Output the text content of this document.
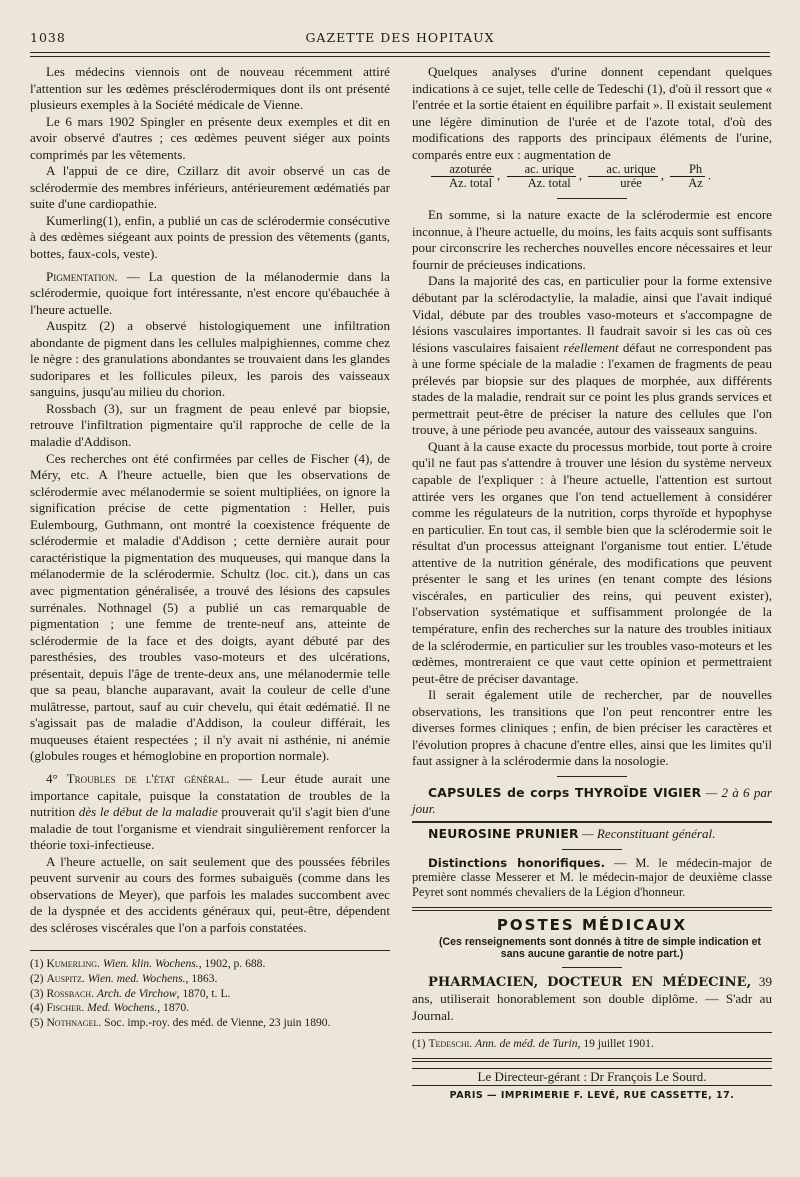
1038	GAZETTE DES HOPITAUX

Les médecins viennois ont de nouveau récemment attiré l'attention sur les œdèmes présclérodermiques dont ils ont présenté plusieurs exemples à la Société médicale de Vienne.

Le 6 mars 1902 Spingler en présente deux exemples et dit en avoir observé d'autres ; ces œdèmes peuvent siéger aux points comprimés par les vêtements.

A l'appui de ce dire, Czillarz dit avoir observé un cas de sclérodermie des membres inférieurs, antérieurement œdématiés par suite d'une cardiopathie.

Kumerling(1), enfin, a publié un cas de sclérodermie consécutive à des œdèmes siégeant aux points de pression des vêtements (gants, bottes, faux-cols, veste).

Pigmentation. — La question de la mélanodermie dans la sclérodermie, quoique fort intéressante, n'est encore qu'ébauchée à l'heure actuelle.

Auspitz (2) a observé histologiquement une infiltration abondante de pigment dans les cellules malpighiennes, comme chez le nègre : des granulations abondantes se trouvaient dans les glandes sudoripares et les follicules pileux, les parois des vaisseaux sanguins, jusqu'au milieu du chorion.

Rossbach (3), sur un fragment de peau enlevé par biopsie, retrouve l'infiltration pigmentaire qu'il rapproche de celle de la maladie d'Addison.

Ces recherches ont été confirmées par celles de Fischer (4), de Méry, etc. A l'heure actuelle, bien que les observations de sclérodermie avec mélanodermie se soient multipliées, on ignore la signification précise de cette pigmentation : Heller, puis Eulembourg, Guthmann, ont montré la coexistence fréquente de sclérodermie et maladie d'Addison ; cette dernière aurait pour caractéristique la pigmentation des muqueuses, qui manque dans la mélanodermie de la sclérodermie. Schultz (loc. cit.), dans un cas avec pigmentation généralisée, a trouvé des lésions des capsules surrénales. Nothnagel (5) a publié un cas remarquable de pigmentation ; une femme de trente-neuf ans, atteinte de sclérodermie de la face et des doigts, ayant débuté par des paresthésies, des troubles vaso-moteurs et des ulcérations, présentait, depuis l'âge de trente-deux ans, une mélanodermie telle que sa peau, blanche auparavant, avait la couleur de celle d'une mulâtresse, partout, sauf au cuir chevelu, qui était œdématié. Il ne s'agissait pas de maladie d'Addison, la couleur différait, les muqueuses étaient respectées ; il n'y avait ni asthénie, ni anémie (globules rouges et hémoglobine en proportion normale).

4° Troubles de l'état général. — Leur étude aurait une importance capitale, puisque la constatation de troubles de la nutrition dès le début de la maladie prouverait qu'il s'agit bien d'une maladie de tout l'organisme et viendrait singulièrement renforcer la théorie toxi-infectieuse.

A l'heure actuelle, on sait seulement que des poussées fébriles peuvent survenir au cours des formes subaiguës (comme dans les observations de Meyer), que parfois les malades succombent avec de la dyspnée et des accidents généraux qui, peut-être, dépendent des scléroses viscérales que l'on a parfois constatées.

(1) Kumerling. Wien. klin. Wochens., 1902, p. 688.

(2) Auspitz. Wien. med. Wochens., 1863.

(3) Rossbach. Arch. de Virchow, 1870, t. L.

(4) Fischer. Med. Wochens., 1870.

(5) Nothnagel. Soc. imp.-roy. des méd. de Vienne, 23 juin 1890.

Quelques analyses d'urine donnent cependant quelques indications à ce sujet, telle celle de Tedeschi (1), d'où il ressort que « l'entrée et la sortie étaient en équilibre parfait ». Il existait seulement une légère diminution de l'urée et de l'azote total, d'où des modifications des rapports des principaux éléments de l'urine, comparés entre eux : augmentation de

$\frac{\text{azoturée}}{\text{Az. total}}$ , $\frac{\text{ac. urique}}{\text{Az. total}}$ , $\frac{\text{ac. urique}}{\text{urée}}$ , $\frac{Ph}{Az}$ .

En somme, si la nature exacte de la sclérodermie est encore inconnue, à l'heure actuelle, du moins, les faits acquis sont suffisants pour circonscrire les recherches nouvelles encore nécessaires et leur fournir de précieuses indications.

Dans la majorité des cas, en particulier pour la forme extensive débutant par la sclérodactylie, la maladie, ainsi que l'avait indiqué Vidal, débute par des troubles vaso-moteurs et s'accompagne de lésions vasculaires importantes. Il faudrait savoir si les cas où ces lésions vasculaires faisaient réellement défaut ne correspondent pas à une forme spéciale de la maladie : l'examen de fragments de peau prélevés par biopsie sur des plaques de morphée, aux différents stades de la maladie, rendrait sur ce point les plus grands services et permettrait peut-être de préciser la nature des cellules que l'on trouve, à une période peu avancée, autour des vaisseaux sanguins.

Quant à la cause exacte du processus morbide, tout porte à croire qu'il ne faut pas s'attendre à trouver une lésion du système nerveux capable de l'expliquer : à l'heure actuelle, l'attention est surtout attirée vers les organes que l'on tend actuellement à considérer comme les régulateurs de la nutrition, corps thyroïde et hypophyse en particulier. En tout cas, il semble bien que la sclérodermie soit le résultat d'un processus atteignant l'organisme tout entier. L'étude attentive de la nutrition générale, des modifications que peuvent présenter le sang et les urines (en tenant compte des lésions viscérales, en particulier des reins, qui peuvent exister), l'observation systématique et suffisamment prolongée de la température, enfin des recherches sur la nature des troubles initiaux de la sclérodermie, en particulier sur les troubles vaso-moteurs et les œdèmes, montreraient ce que vaut cette opinion et permettraient peut-être de préciser davantage.

Il serait également utile de rechercher, par de nouvelles observations, les transitions que l'on peut rencontrer entre les diverses formes cliniques ; enfin, de bien préciser les caractères et l'évolution propres à chacune d'entre elles, ainsi que les limites qu'il faut assigner à la sclérodermie dans la nosologie.

CAPSULES de corps THYROÏDE VIGIER — 2 à 6 par jour.

NEUROSINE PRUNIER — Reconstituant général.

Distinctions honorifiques. — M. le médecin-major de première classe Messerer et M. le médecin-major de deuxième classe Peyret sont nommés chevaliers de la Légion d'honneur.

POSTES MÉDICAUX

(Ces renseignements sont donnés à titre de simple indication et sans aucune garantie de notre part.)

PHARMACIEN, DOCTEUR EN MÉDECINE, 39 ans, utiliserait honorablement son double diplôme. — S'adr au Journal.

(1) Tedeschi. Ann. de méd. de Turin, 19 juillet 1901.

Le Directeur-gérant : Dr François Le Sourd.
PARIS — IMPRIMERIE F. LEVÉ, RUE CASSETTE, 17.
